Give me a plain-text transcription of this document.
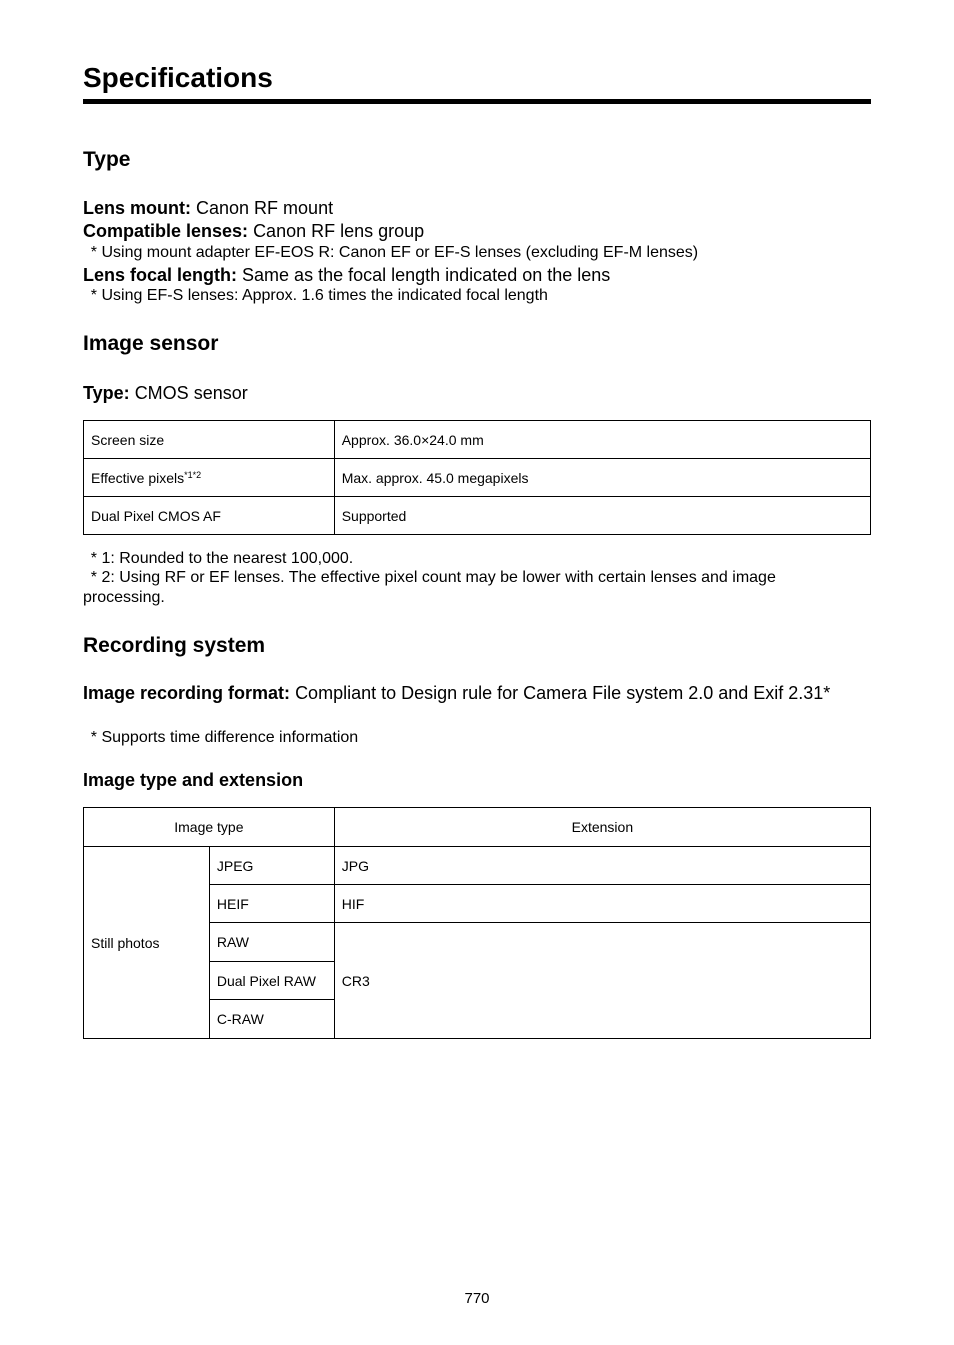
Specifications
Type
Lens mount: Canon RF mount
Compatible lenses: Canon RF lens group
* Using mount adapter EF-EOS R: Canon EF or EF-S lenses (excluding EF-M lenses)
Lens focal length: Same as the focal length indicated on the lens
* Using EF-S lenses: Approx. 1.6 times the indicated focal length
Image sensor
Type: CMOS sensor
Screen size	Approx. 36.0×24.0 mm
Effective pixels$^{*1*2}$	Max. approx. 45.0 megapixels
Dual Pixel CMOS AF	Supported
* 1: Rounded to the nearest 100,000.
* 2: Using RF or EF lenses. The effective pixel count may be lower with certain lenses and image
processing.
Recording system
Image recording format: Compliant to Design rule for Camera File system 2.0 and Exif 2.31*
* Supports time difference information
Image type and extension
Image type		Extension
Still photos	JPEG	JPG
	HEIF	HIF
	RAW	CR3
	Dual Pixel RAW	
	C-RAW	
770
